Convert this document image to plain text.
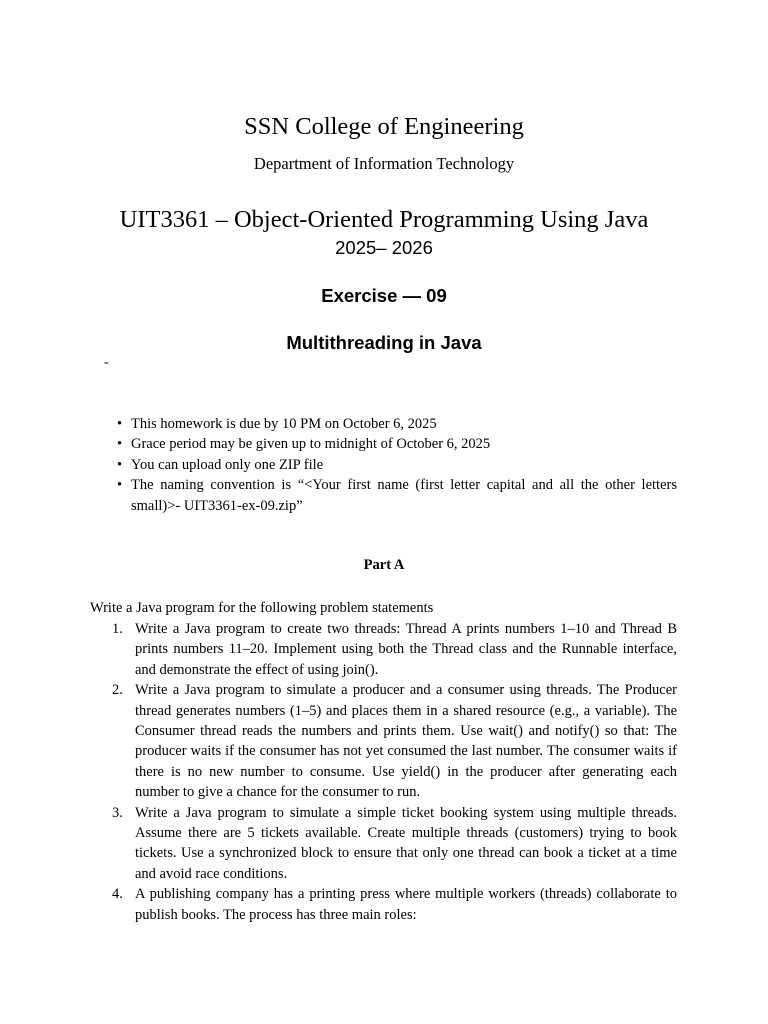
SSN College of Engineering
Department of Information Technology
UIT3361 – Object-Oriented Programming Using Java
2025– 2026
Exercise — 09
Multithreading in Java
-
• This homework is due by 10 PM on October 6, 2025
• Grace period may be given up to midnight of October 6, 2025
• You can upload only one ZIP file
• The naming convention is “<Your first name (first letter capital and all the other letters small)>- UIT3361-ex-09.zip”
Part A
Write a Java program for the following problem statements
1. Write a Java program to create two threads: Thread A prints numbers 1–10 and Thread B prints numbers 11–20. Implement using both the Thread class and the Runnable interface, and demonstrate the effect of using join().
2. Write a Java program to simulate a producer and a consumer using threads. The Producer thread generates numbers (1–5) and places them in a shared resource (e.g., a variable). The Consumer thread reads the numbers and prints them. Use wait() and notify() so that: The producer waits if the consumer has not yet consumed the last number. The consumer waits if there is no new number to consume. Use yield() in the producer after generating each number to give a chance for the consumer to run.
3. Write a Java program to simulate a simple ticket booking system using multiple threads. Assume there are 5 tickets available. Create multiple threads (customers) trying to book tickets. Use a synchronized block to ensure that only one thread can book a ticket at a time and avoid race conditions.
4. A publishing company has a printing press where multiple workers (threads) collaborate to publish books. The process has three main roles:
